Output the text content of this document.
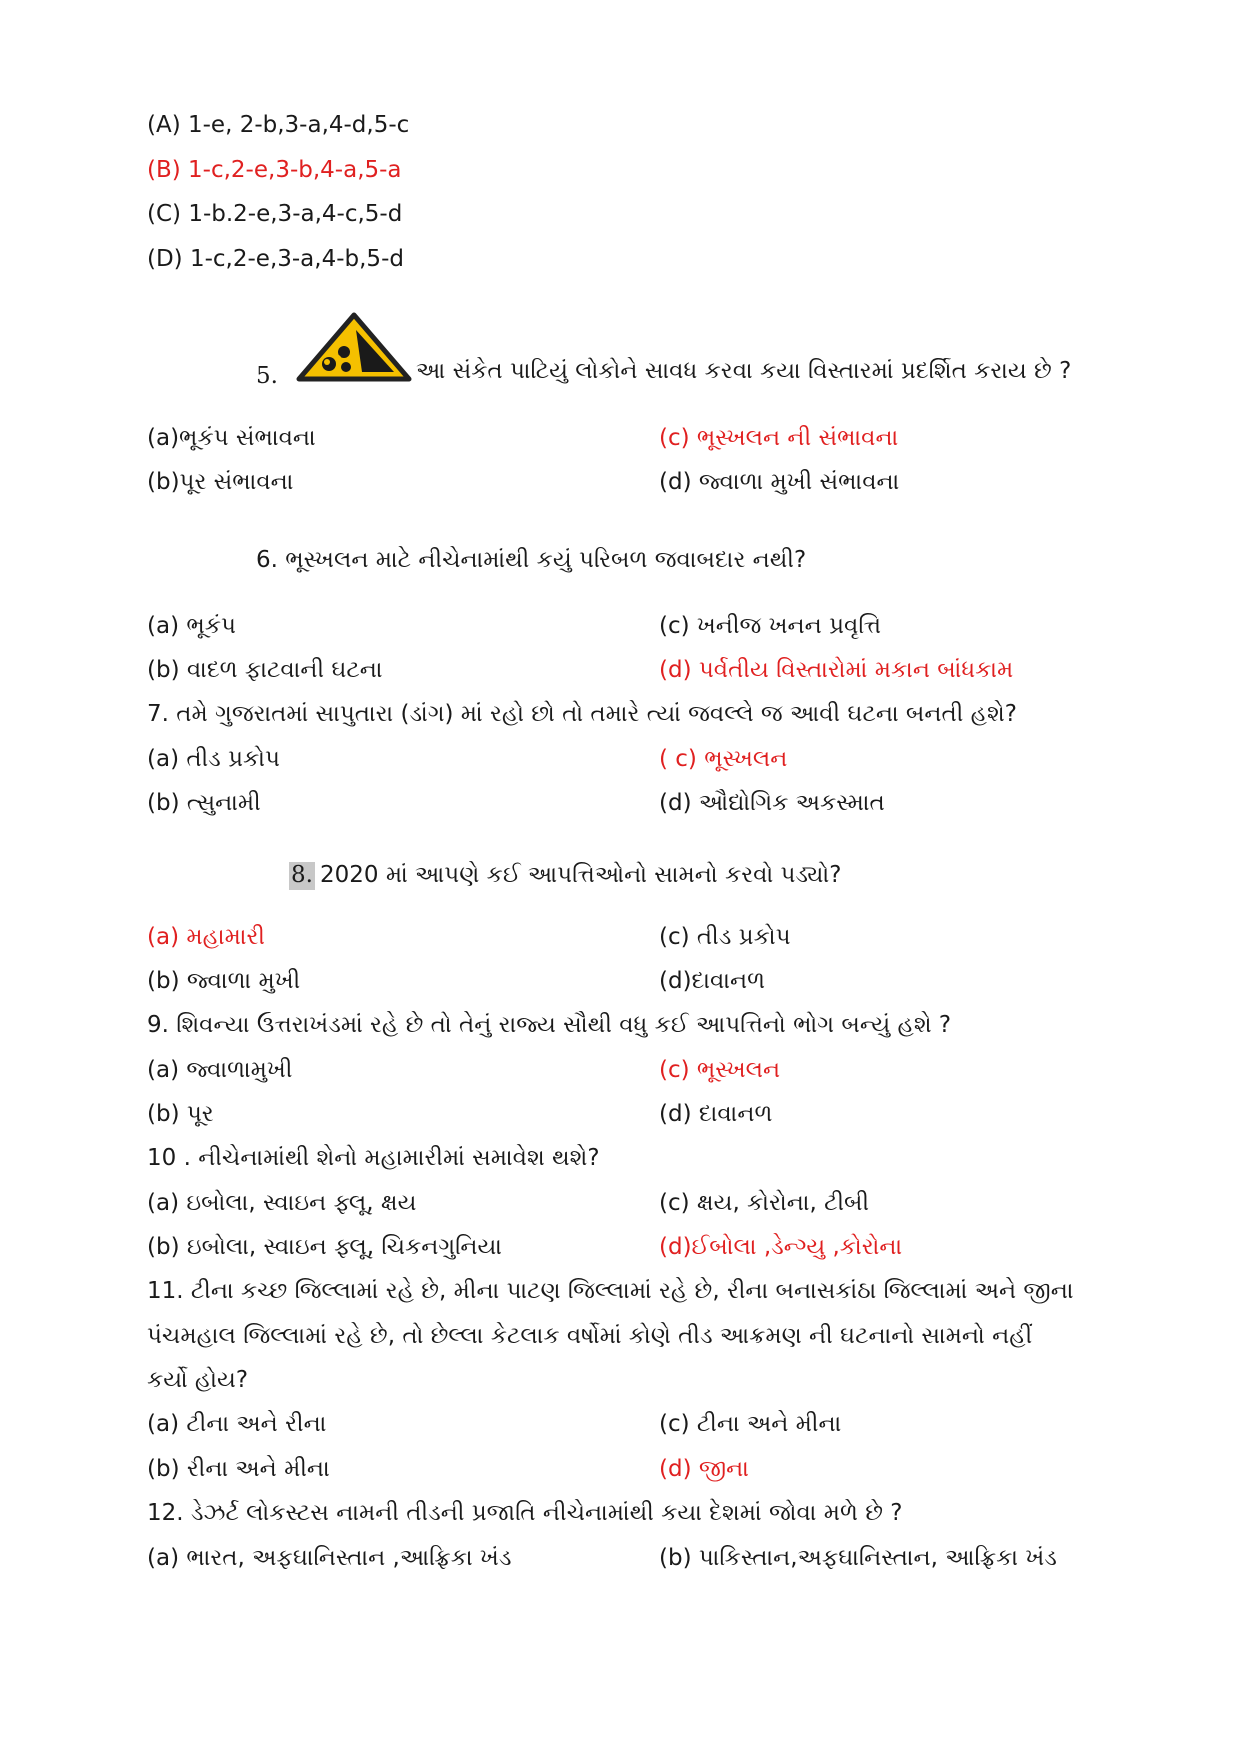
(A) 1-e, 2-b,3-a,4-d,5-c
(B) 1-c,2-e,3-b,4-a,5-a
(C) 1-b.2-e,3-a,4-c,5-d
(D) 1-c,2-e,3-a,4-b,5-d
5.	આ સંકેત પાટિયું લોકોને સાવધ કરવા કયા વિસ્તારમાં પ્રદર્શિત કરાય છે ?
(a)ભૂકંપ સંભાવના
(b)પૂર સંભાવના
(c) ભૂસ્ખલન ની સંભાવના
(d) જ્વાળા મુખી સંભાવના
6. ભૂસ્ખલન માટે નીચેનામાંથી કયું પરિબળ જવાબદાર નથી?
(a) ભૂકંપ
(b) વાદળ ફાટવાની ઘટના
(c) ખનીજ ખનન પ્રવૃત્તિ
(d) પર્વતીય વિસ્તારોમાં મકાન બાંધકામ
7. તમે ગુજરાતમાં સાપુતારા (ડાંગ) માં રહો છો તો તમારે ત્યાં જવલ્લે જ આવી ઘટના બનતી હશે?
(a) તીડ પ્રકોપ
(b) ત્સુનામી
( c) ભૂસ્ખલન
(d) ઔદ્યોગિક અકસ્માત
8. 2020 માં આપણે કઈ આપત્તિઓનો સામનો કરવો પડ્યો?
(a) મહામારી
(b) જ્વાળા મુખી
(c) તીડ પ્રકોપ
(d)દાવાનળ
9. શિવન્યા ઉત્તરાખંડમાં રહે છે તો તેનું રાજ્ય સૌથી વધુ કઈ આપત્તિનો ભોગ બન્યું હશે ?
(a) જ્વાળામુખી
(b) પૂર
(c) ભૂસ્ખલન
(d) દાવાનળ
10 . નીચેનામાંથી શેનો મહામારીમાં સમાવેશ થશે?
(a) ઇબોલા, સ્વાઇન ફ્લૂ, ક્ષય
(b) ઇબોલા, સ્વાઇન ફ્લૂ, ચિકનગુનિયા
(c) ક્ષય, કોરોના, ટીબી
(d)ઈબોલા ,ડેન્ગ્યુ ,કોરોના
11. ટીના કચ્છ જિલ્લામાં રહે છે, મીના પાટણ જિલ્લામાં રહે છે, રીના બનાસકાંઠા જિલ્લામાં અને જીના
પંચમહાલ જિલ્લામાં રહે છે, તો છેલ્લા કેટલાક વર્ષોમાં કોણે તીડ આક્રમણ ની ઘટનાનો સામનો નહીં
કર્યો હોય?
(a) ટીના અને રીના
(b) રીના અને મીના
(c) ટીના અને મીના
(d) જીના
12. ડેઝર્ટ લોકસ્ટસ નામની તીડની પ્રજાતિ નીચેનામાંથી કયા દેશમાં જોવા મળે છે ?
(a) ભારત, અફઘાનિસ્તાન ,આફ્રિકા ખંડ	(b) પાકિસ્તાન,અફઘાનિસ્તાન, આફ્રિકા ખંડ
